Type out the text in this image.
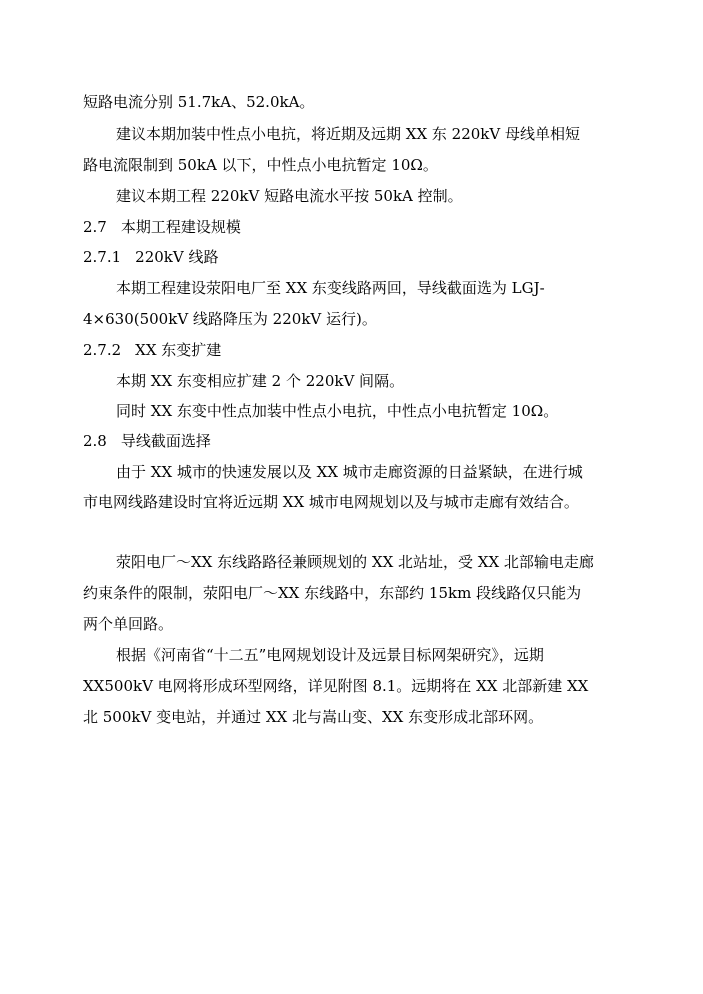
短路电流分别 51.7kA、52.0kA。
建议本期加装中性点小电抗，将近期及远期 XX 东 220kV 母线单相短
路电流限制到 50kA 以下，中性点小电抗暂定 10Ω。
建议本期工程 220kV 短路电流水平按 50kA 控制。
2.7 本期工程建设规模
2.7.1 220kV 线路
本期工程建设荥阳电厂至 XX 东变线路两回，导线截面选为 LGJ-
4×630(500kV 线路降压为 220kV 运行)。
2.7.2 XX 东变扩建
本期 XX 东变相应扩建 2 个 220kV 间隔。
同时 XX 东变中性点加装中性点小电抗，中性点小电抗暂定 10Ω。
2.8 导线截面选择
由于 XX 城市的快速发展以及 XX 城市走廊资源的日益紧缺，在进行城
市电网线路建设时宜将近远期 XX 城市电网规划以及与城市走廊有效结合。
荥阳电厂～XX 东线路路径兼顾规划的 XX 北站址，受 XX 北部输电走廊
约束条件的限制，荥阳电厂～XX 东线路中，东部约 15km 段线路仅只能为
两个单回路。
根据《河南省“十二五”电网规划设计及远景目标网架研究》，远期
XX500kV 电网将形成环型网络，详见附图 8.1。远期将在 XX 北部新建 XX
北 500kV 变电站，并通过 XX 北与嵩山变、XX 东变形成北部环网。
